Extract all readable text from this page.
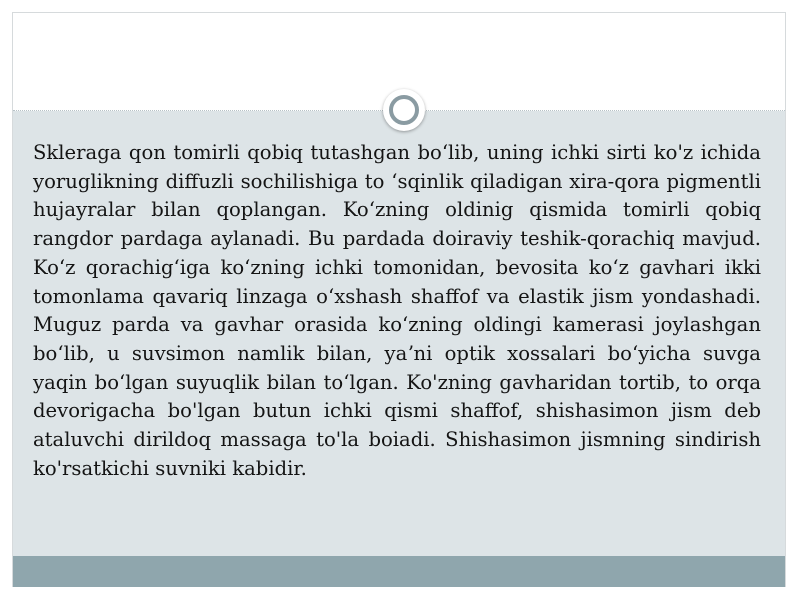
Skleraga qon tomirli qobiq tutashgan boʻlib, uning ichki sirti ko'z ichida yoruglikning diffuzli sochilishiga to ʻsqinlik qiladigan xira-qora pigmentli hujayralar bilan qoplangan. Koʻzning oldinig qismida tomirli qobiq rangdor pardaga aylanadi. Bu pardada doiraviy teshik-qorachiq mavjud. Koʻz qorachigʻiga koʻzning ichki tomonidan, bevosita koʻz gavhari ikki tomonlama qavariq linzaga oʻxshash shaffof va elastik jism yondashadi. Muguz parda va gavhar orasida koʻzning oldingi kamerasi joylashgan boʻlib, u suvsimon namlik bilan, yaʼni optik xossalari boʻyicha suvga yaqin boʻlgan suyuqlik bilan toʻlgan. Ko'zning gavharidan tortib, to orqa devorigacha bo'lgan butun ichki qismi shaffof, shishasimon jism deb ataluvchi dirildoq massaga to'la boiadi. Shishasimon jismning sindirish ko'rsatkichi suvniki kabidir.
